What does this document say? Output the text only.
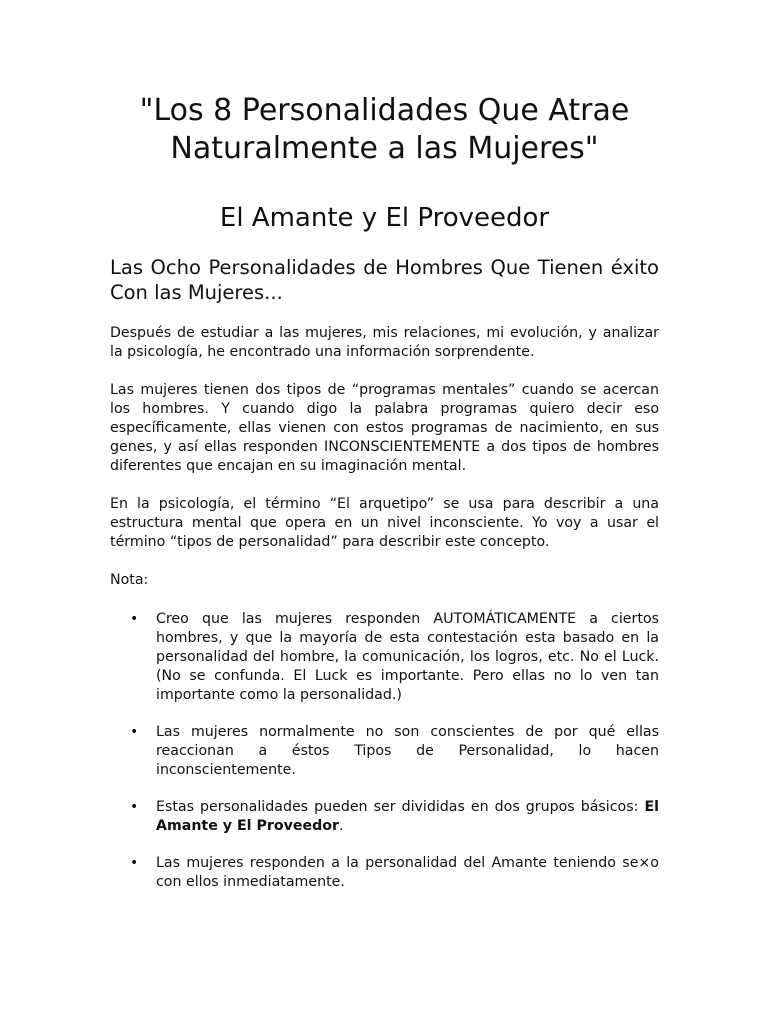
"Los 8 Personalidades Que Atrae Naturalmente a las Mujeres"
El Amante y El Proveedor
Las Ocho Personalidades de Hombres Que Tienen éxito Con las Mujeres...

Después de estudiar a las mujeres, mis relaciones, mi evolución, y analizar la psicología, he encontrado una información sorprendente.

Las mujeres tienen dos tipos de “programas mentales” cuando se acercan los hombres. Y cuando digo la palabra programas quiero decir eso específicamente, ellas vienen con estos programas de nacimiento, en sus genes, y así ellas responden INCONSCIENTEMENTE a dos tipos de hombres diferentes que encajan en su imaginación mental.

En la psicología, el término “El arquetipo” se usa para describir a una estructura mental que opera en un nivel inconsciente. Yo voy a usar el término “tipos de personalidad” para describir este concepto.

Nota:

• Creo que las mujeres responden AUTOMÁTICAMENTE a ciertos hombres, y que la mayoría de esta contestación esta basado en la personalidad del hombre, la comunicación, los logros, etc. No el Luck. (No se confunda. El Luck es importante. Pero ellas no lo ven tan importante como la personalidad.)
• Las mujeres normalmente no son conscientes de por qué ellas reaccionan a éstos Tipos de Personalidad, lo hacen inconscientemente.
• Estas personalidades pueden ser divididas en dos grupos básicos: El Amante y El Proveedor.
• Las mujeres responden a la personalidad del Amante teniendo se×o con ellos inmediatamente.
